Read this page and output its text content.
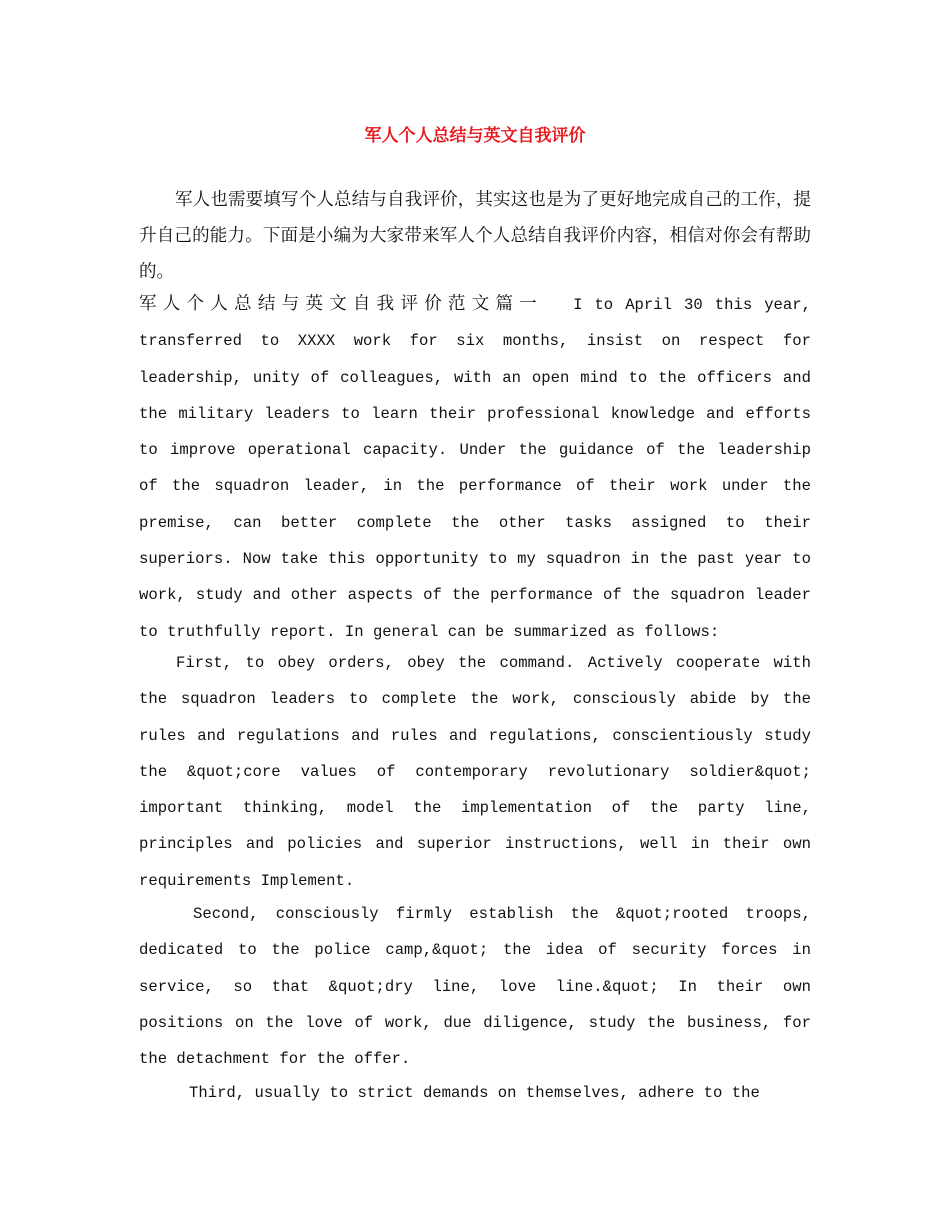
军人个人总结与英文自我评价

军人也需要填写个人总结与自我评价，其实这也是为了更好地完成自己的工作，提升自己的能力。下面是小编为大家带来军人个人总结自我评价内容，相信对你会有帮助的。

军人个人总结与英文自我评价范文篇一 I to April 30 this year, transferred to XXXX work for six months, insist on respect for leadership, unity of colleagues, with an open mind to the officers and the military leaders to learn their professional knowledge and efforts to improve operational capacity. Under the guidance of the leadership of the squadron leader, in the performance of their work under the premise, can better complete the other tasks assigned to their superiors. Now take this opportunity to my squadron in the past year to work, study and other aspects of the performance of the squadron leader to truthfully report. In general can be summarized as follows:

First, to obey orders, obey the command. Actively cooperate with the squadron leaders to complete the work, consciously abide by the rules and regulations and rules and regulations, conscientiously study the &quot;core values of contemporary revolutionary soldier&quot; important thinking, model the implementation of the party line, principles and policies and superior instructions, well in their own requirements Implement.

Second, consciously firmly establish the &quot;rooted troops, dedicated to the police camp,&quot; the idea of security forces in service, so that &quot;dry line, love line.&quot; In their own positions on the love of work, due diligence, study the business, for the detachment for the offer.

Third, usually to strict demands on themselves, adhere to the
